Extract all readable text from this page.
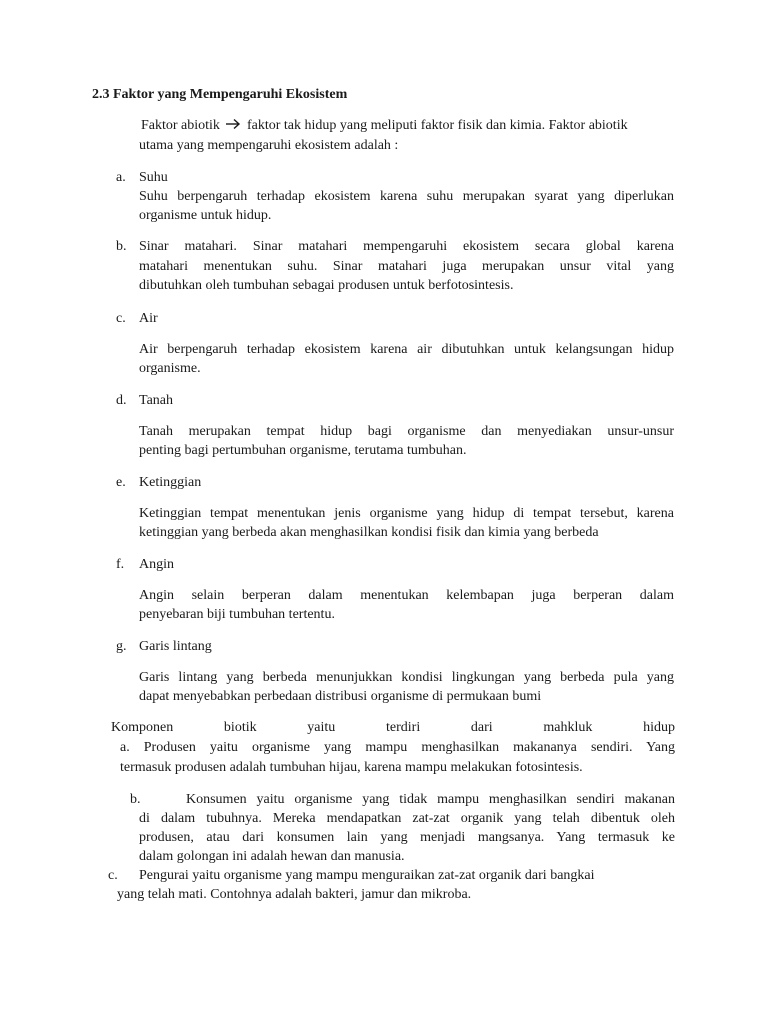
2.3 Faktor yang Mempengaruhi Ekosistem
Faktor abiotik faktor tak hidup yang meliputi faktor fisik dan kimia. Faktor abiotik
utama yang mempengaruhi ekosistem adalah :
a. Suhu
Suhu berpengaruh terhadap ekosistem karena suhu merupakan syarat yang diperlukan
organisme untuk hidup.
b. Sinar matahari. Sinar matahari mempengaruhi ekosistem secara global karena
matahari menentukan suhu. Sinar matahari juga merupakan unsur vital yang
dibutuhkan oleh tumbuhan sebagai produsen untuk berfotosintesis.
c. Air
Air berpengaruh terhadap ekosistem karena air dibutuhkan untuk kelangsungan hidup
organisme.
d. Tanah
Tanah merupakan tempat hidup bagi organisme dan menyediakan unsur-unsur
penting bagi pertumbuhan organisme, terutama tumbuhan.
e. Ketinggian
Ketinggian tempat menentukan jenis organisme yang hidup di tempat tersebut, karena
ketinggian yang berbeda akan menghasilkan kondisi fisik dan kimia yang berbeda
f. Angin
Angin selain berperan dalam menentukan kelembapan juga berperan dalam
penyebaran biji tumbuhan tertentu.
g. Garis lintang
Garis lintang yang berbeda menunjukkan kondisi lingkungan yang berbeda pula yang
dapat menyebabkan perbedaan distribusi organisme di permukaan bumi
Komponen biotik yaitu terdiri dari mahkluk hidup
a. Produsen yaitu organisme yang mampu menghasilkan makananya sendiri. Yang
termasuk produsen adalah tumbuhan hijau, karena mampu melakukan fotosintesis.
b.	Konsumen yaitu organisme yang tidak mampu menghasilkan sendiri makanan
di dalam tubuhnya. Mereka mendapatkan zat-zat organik yang telah dibentuk oleh
produsen, atau dari konsumen lain yang menjadi mangsanya. Yang termasuk ke
dalam golongan ini adalah hewan dan manusia.
c. Pengurai yaitu organisme yang mampu menguraikan zat-zat organik dari bangkai
yang telah mati. Contohnya adalah bakteri, jamur dan mikroba.
